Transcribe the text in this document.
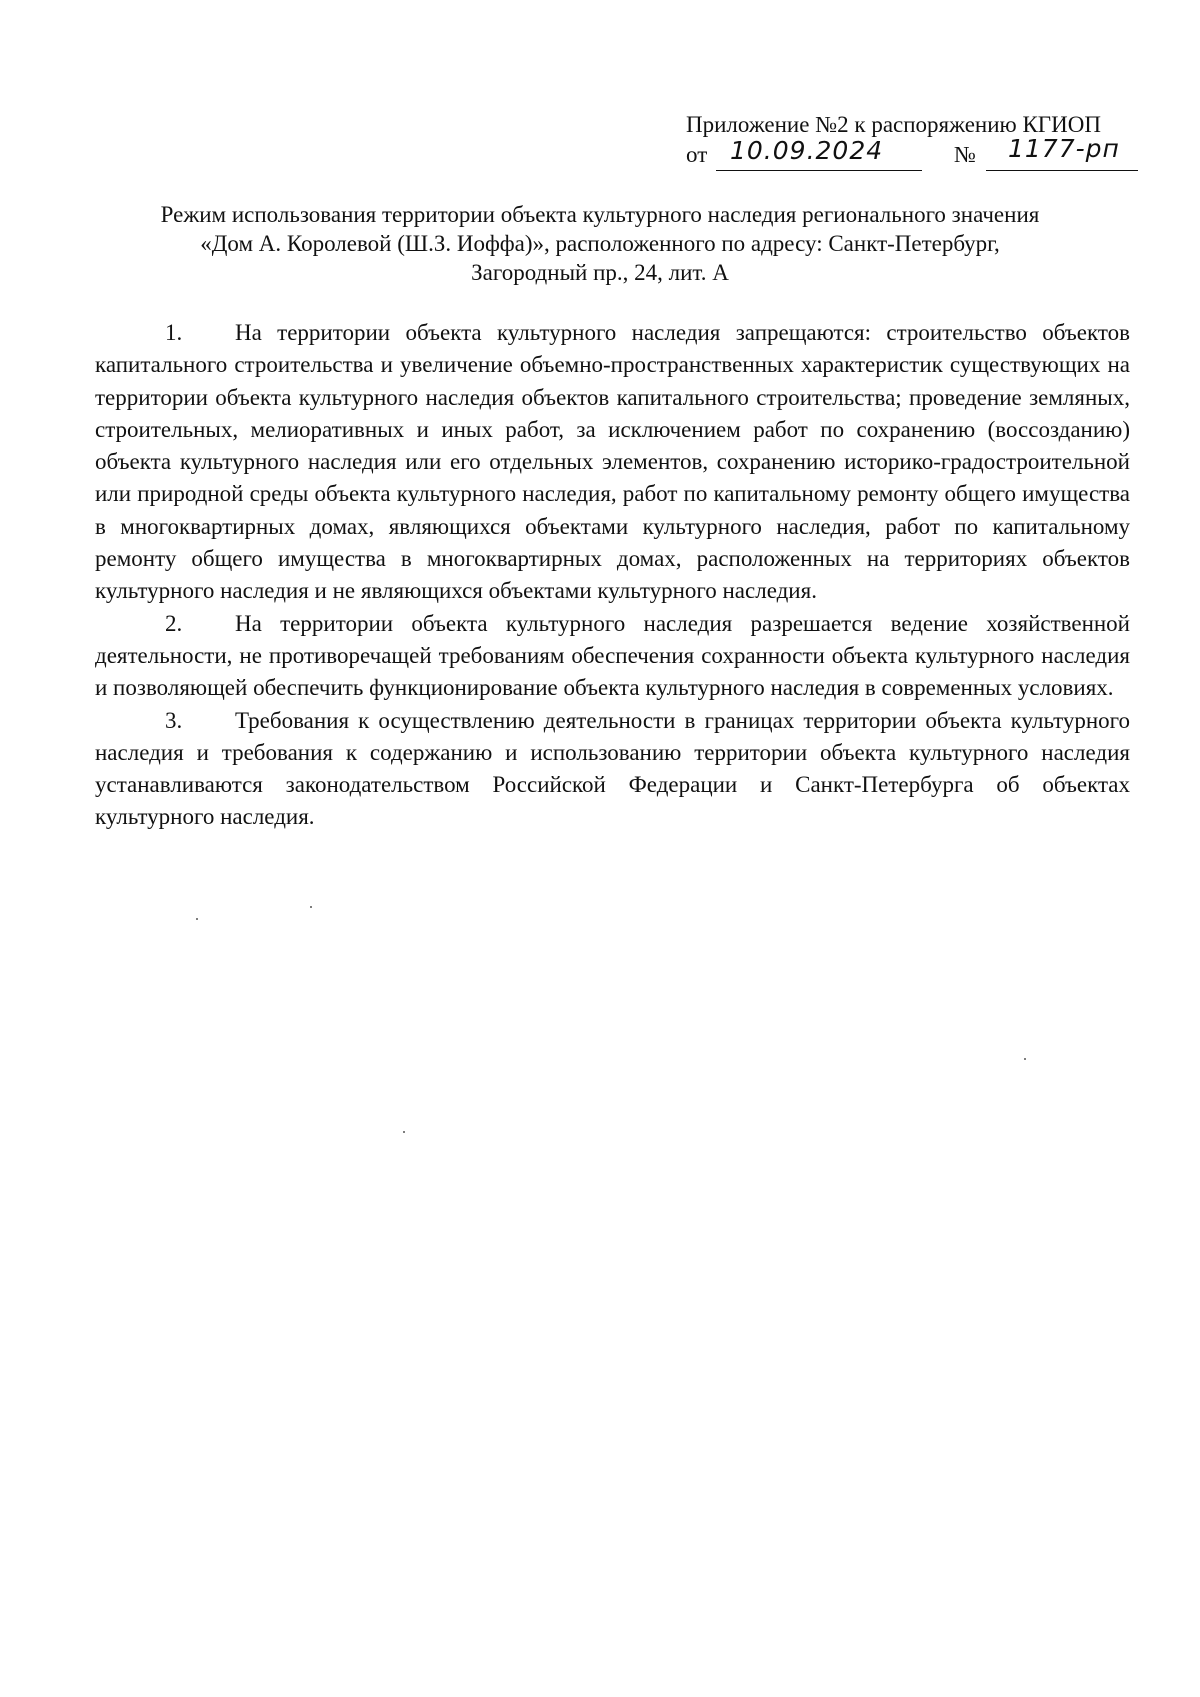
Приложение №2 к распоряжению КГИОП
от 10.09.2024	№ 1177-рп
Режим использования территории объекта культурного наследия регионального значения
«Дом А. Королевой (Ш.З. Иоффа)», расположенного по адресу: Санкт-Петербург,
Загородный пр., 24, лит. А

1. На территории объекта культурного наследия запрещаются: строительство объектов капитального строительства и увеличение объемно-пространственных характеристик существующих на территории объекта культурного наследия объектов капитального строительства; проведение земляных, строительных, мелиоративных и иных работ, за исключением работ по сохранению (воссозданию) объекта культурного наследия или его отдельных элементов, сохранению историко-градостроительной или природной среды объекта культурного наследия, работ по капитальному ремонту общего имущества в многоквартирных домах, являющихся объектами культурного наследия, работ по капитальному ремонту общего имущества в многоквартирных домах, расположенных на территориях объектов культурного наследия и не являющихся объектами культурного наследия.

2. На территории объекта культурного наследия разрешается ведение хозяйственной деятельности, не противоречащей требованиям обеспечения сохранности объекта культурного наследия и позволяющей обеспечить функционирование объекта культурного наследия в современных условиях.

3. Требования к осуществлению деятельности в границах территории объекта культурного наследия и требования к содержанию и использованию территории объекта культурного наследия устанавливаются законодательством Российской Федерации и Санкт-Петербурга об объектах культурного наследия.
